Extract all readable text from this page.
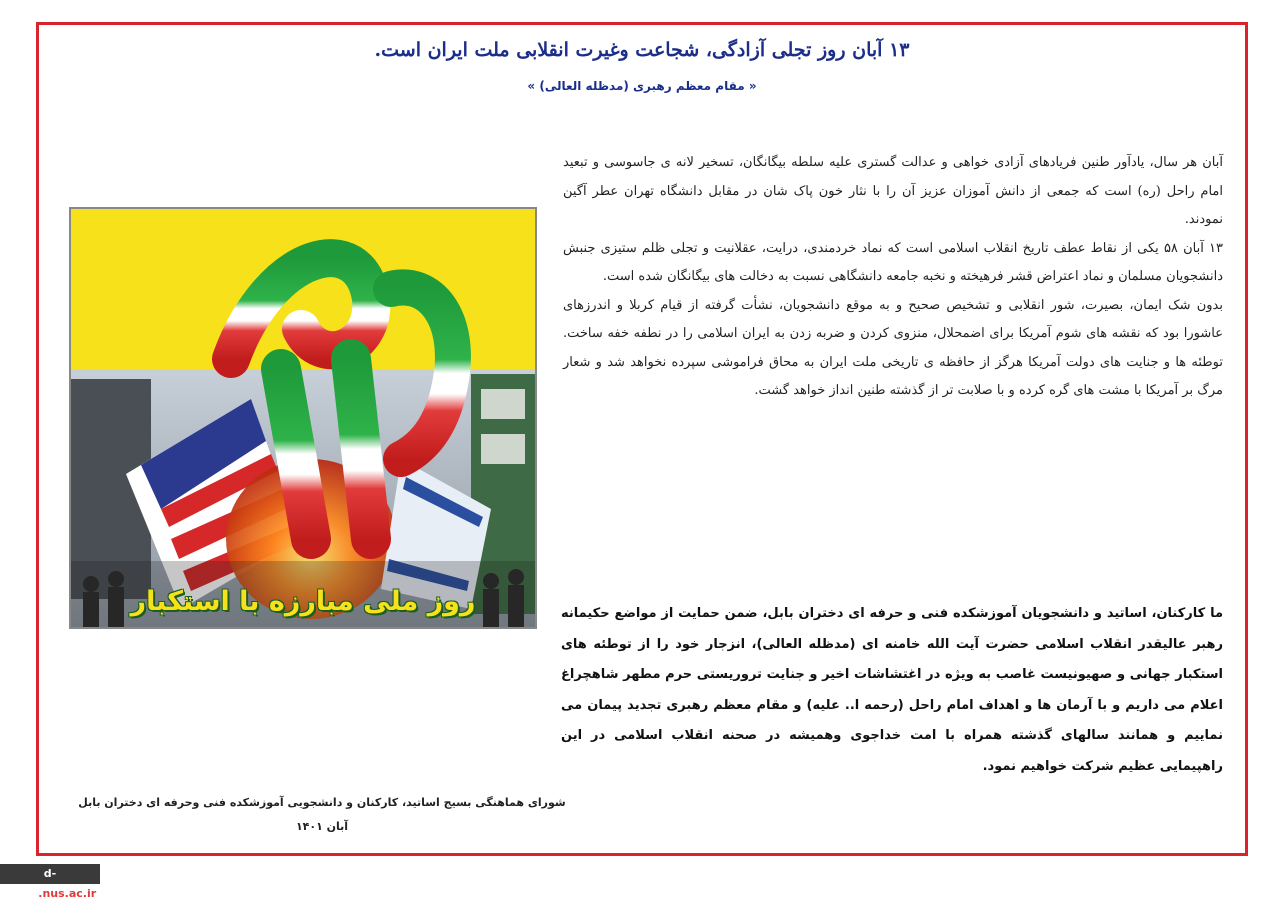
۱۳ آبان روز تجلی آزادگی، شجاعت وغیرت انقلابی ملت ایران است.
« مقام معظم رهبری (مدظله العالی) »

آبان هر سال، یادآور طنین فریادهای آزادی خواهی و عدالت گستری علیه سلطه بیگانگان، تسخیر لانه ی جاسوسی و تبعید امام راحل (ره) است که جمعی از دانش آموزان عزیز آن را با نثار خون پاک شان در مقابل دانشگاه تهران عطر آگین نمودند.

۱۳ آبان ۵۸ یکی از نقاط عطف تاریخ انقلاب اسلامی است که نماد خردمندی، درایت، عقلانیت و تجلی ظلم ستیزی جنبش دانشجویان مسلمان و نماد اعتراض قشر فرهیخته و نخبه جامعه دانشگاهی نسبت به دخالت های بیگانگان شده است.

بدون شک ایمان، بصیرت، شور انقلابی و تشخیص صحیح و به موقع دانشجویان، نشأت گرفته از قیام کربلا و اندرزهای عاشورا بود که نقشه های شوم آمریکا برای اضمحلال، منزوی کردن و ضربه زدن به ایران اسلامی را در نطفه خفه ساخت. توطئه ها و جنایت های دولت آمریکا هرگز از حافظه ی تاریخی ملت ایران به محاق فراموشی سپرده نخواهد شد و شعار مرگ بر آمریکا با مشت های گره کرده و با صلابت تر از گذشته طنین انداز خواهد گشت.

ما کارکنان، اساتید و دانشجویان آموزشکده فنی و حرفه ای دختران بابل، ضمن حمایت از مواضع حکیمانه رهبر عالیقدر انقلاب اسلامی حضرت آیت الله خامنه ای (مدظله العالی)، انزجار خود را از توطئه های استکبار جهانی و صهیونیست غاصب به ویژه در اغتشاشات اخیر و جنایت تروریستی حرم مطهر شاهچراغ اعلام می داریم و با آرمان ها و اهداف امام راحل (رحمه ا.. علیه) و مقام معظم رهبری تجدید پیمان می نماییم و همانند سالهای گذشته همراه با امت خداجوی وهمیشه در صحنه انقلاب اسلامی در این راهپیمایی عظیم شرکت خواهیم نمود.
روز ملی مبارزه با استکبار
شورای هماهنگی بسیج اساتید، کارکنان و دانشجویی آموزشکده فنی وحرفه ای دختران بابل
آبان ۱۴۰۱
d-babol.nus.ac.ir
